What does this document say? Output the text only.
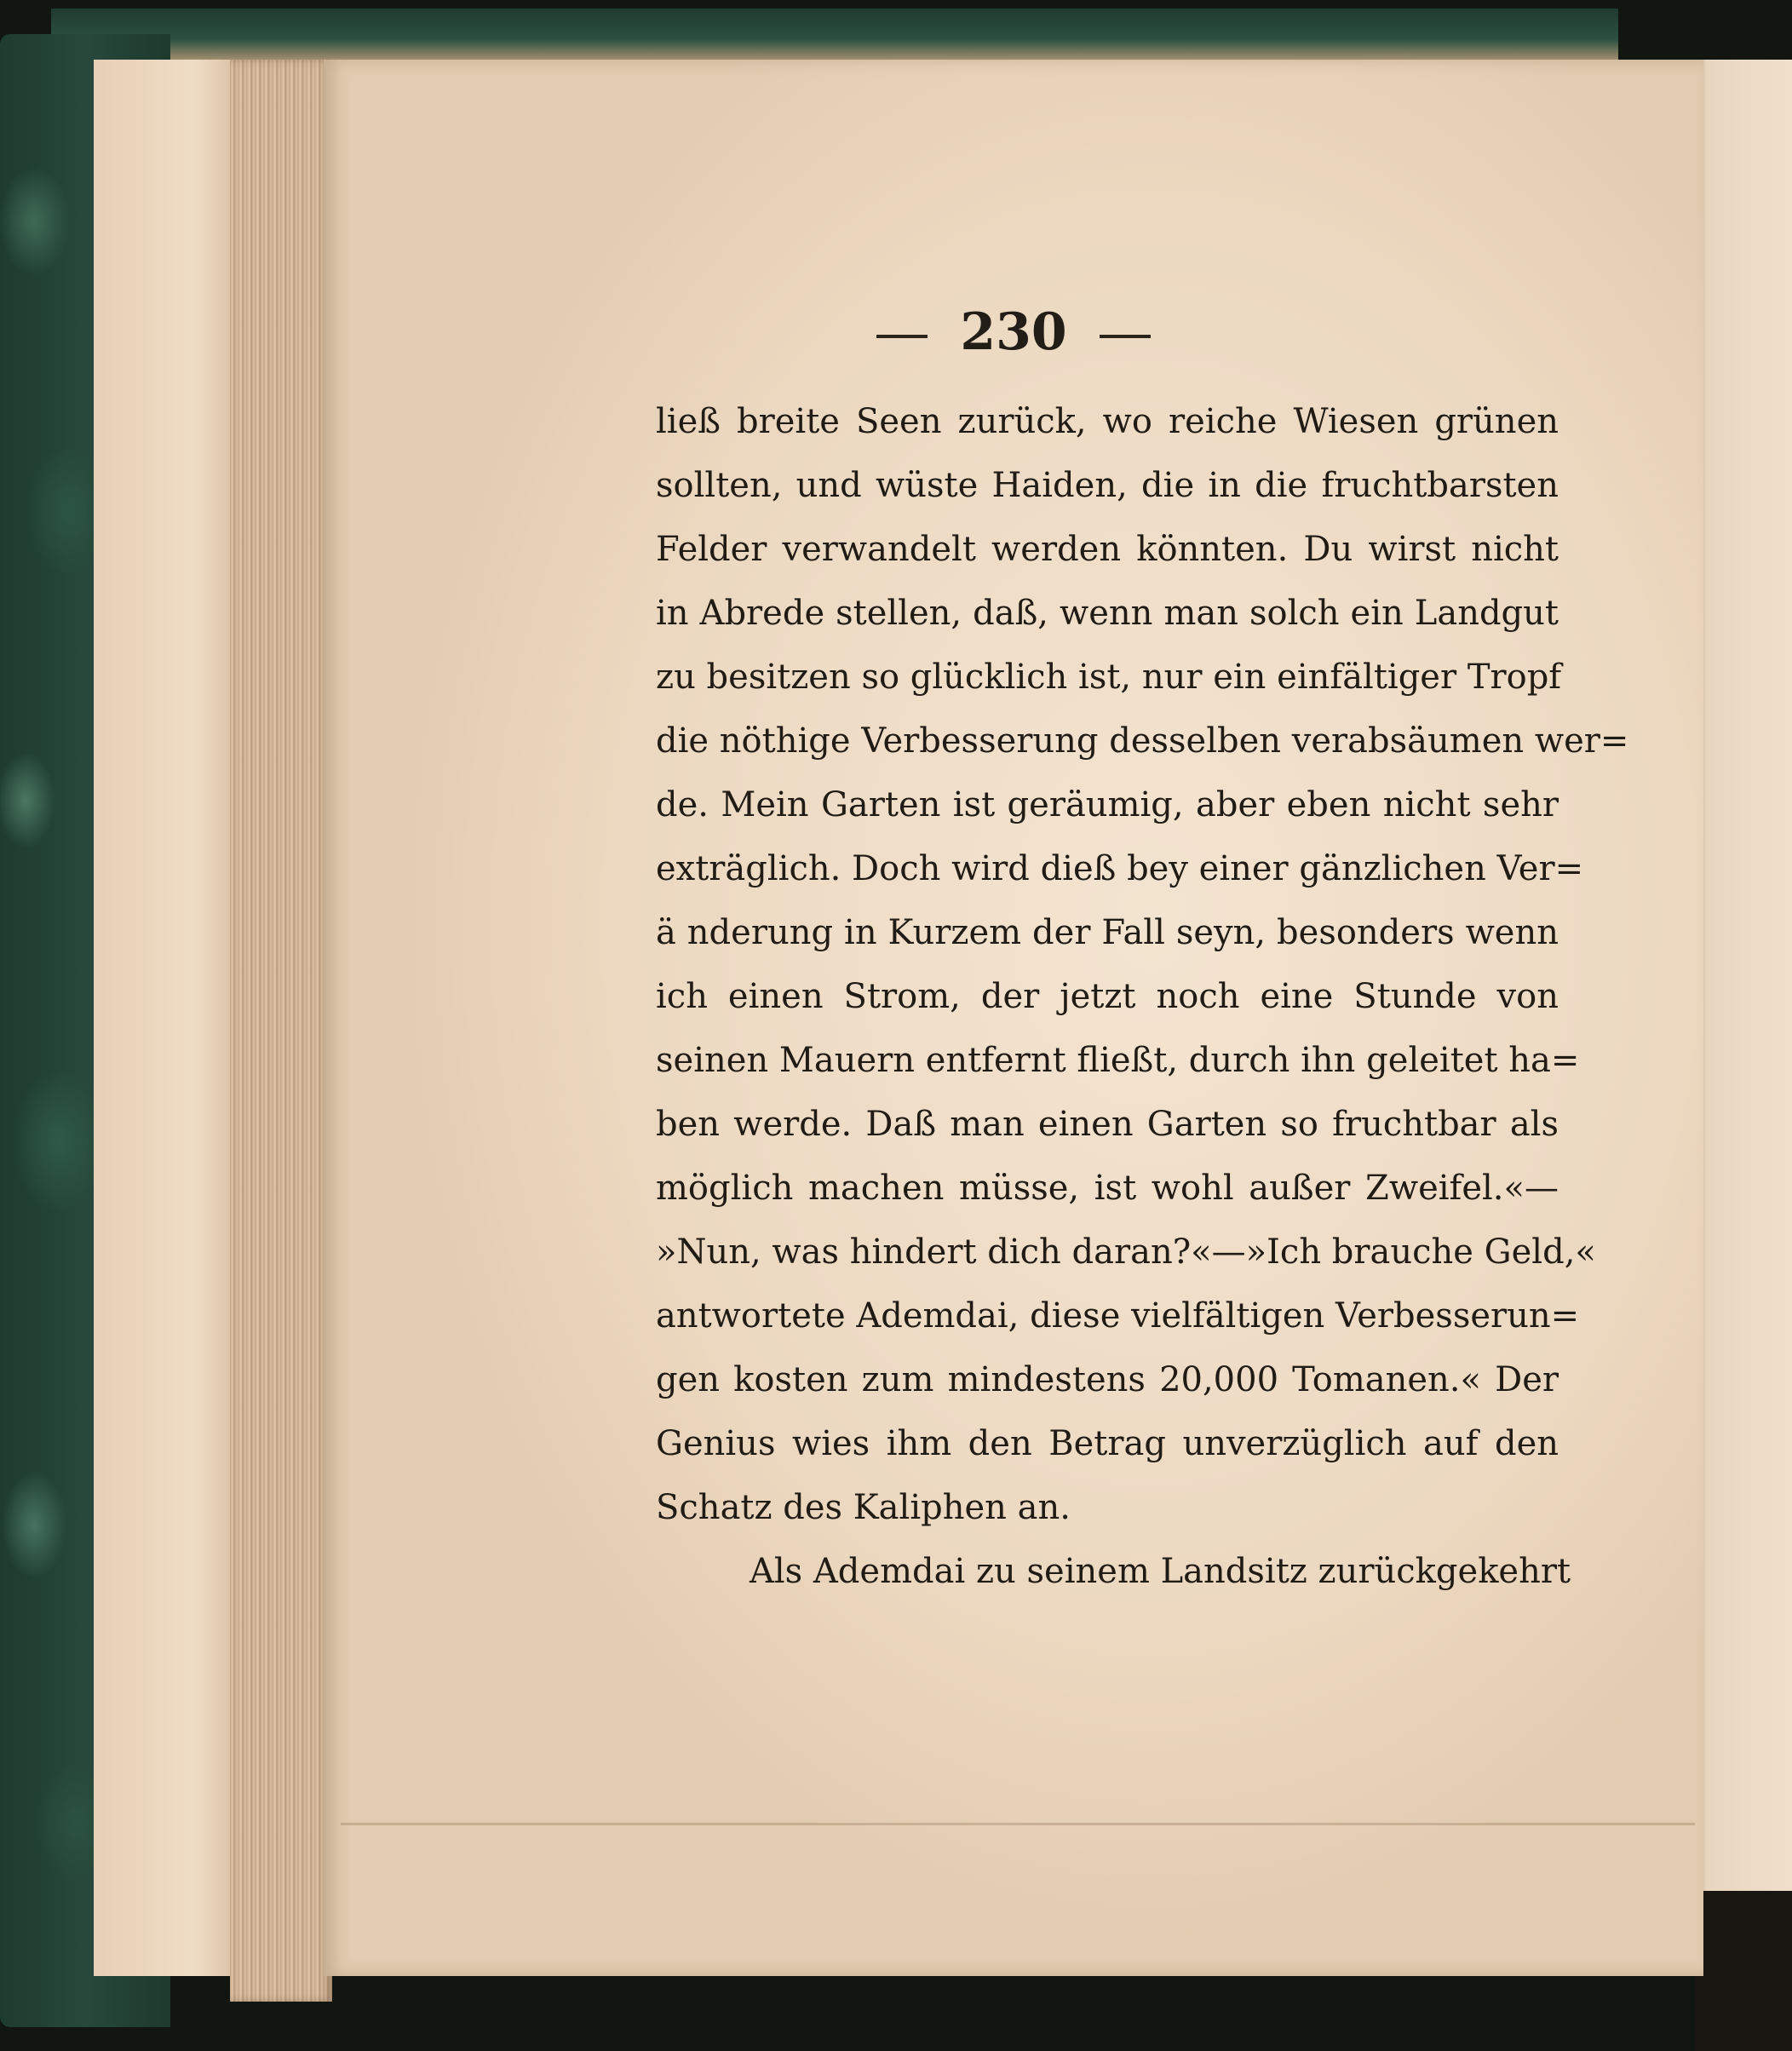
230
ließ breite Seen zurück, wo reiche Wiesen grünen
sollten, und wüste Haiden, die in die fruchtbarsten
Felder verwandelt werden könnten. Du wirst nicht
in Abrede stellen, daß, wenn man solch ein Landgut
zu besitzen so glücklich ist, nur ein einfältiger Tropf
die nöthige Verbesserung desselben verabsäumen wer=
de. Mein Garten ist geräumig, aber eben nicht sehr
exträglich. Doch wird dieß bey einer gänzlichen Ver=
ä nderung in Kurzem der Fall seyn, besonders wenn
ich einen Strom, der jetzt noch eine Stunde von
seinen Mauern entfernt fließt, durch ihn geleitet ha=
ben werde. Daß man einen Garten so fruchtbar als
möglich machen müsse, ist wohl außer Zweifel.«—
»Nun, was hindert dich daran?«—»Ich brauche Geld,«
antwortete Ademdai, diese vielfältigen Verbesserun=
gen kosten zum mindestens 20,000 Tomanen.« Der
Genius wies ihm den Betrag unverzüglich auf den
Schatz des Kaliphen an.
Als Ademdai zu seinem Landsitz zurückgekehrt
